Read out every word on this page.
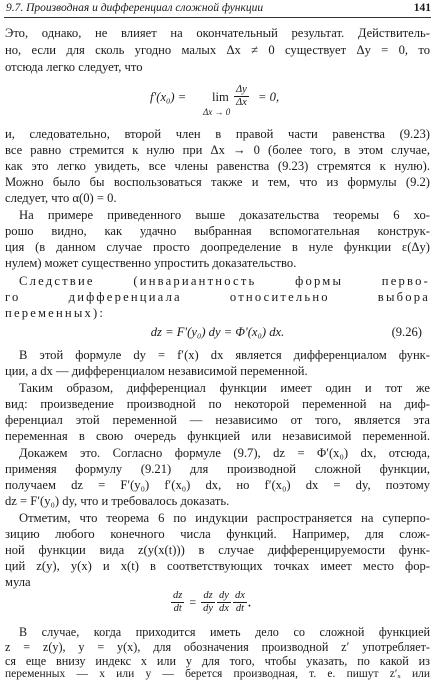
9.7. Производная и дифференциал сложной функции	141
Это, однако, не влияет на окончательный результат. Действитель-
но, если для сколь угодно малых Δx ≠ 0 существует Δy = 0, то
отсюда легко следует, что
f′(x₀) = lim
Δx → 0
$\frac{\Delta y}{\Delta x} = 0$,
и, следовательно, второй член в правой части равенства (9.23)
все равно стремится к нулю при Δx → 0 (более того, в этом случае,
как это легко увидеть, все члены равенства (9.23) стремятся к нулю).
Можно было бы воспользоваться также и тем, что из формулы (9.2)
следует, что α(0) = 0.
На примере приведенного выше доказательства теоремы 6 хо-
рошо видно, как удачно выбранная вспомогательная конструк-
ция (в данном случае просто доопределение в нуле функции ε(Δy)
нулем) может существенно упростить доказательство.
Следствие (инвариантность формы перво-
го дифференциала относительно выбора
переменных):
dz = F′(y₀) dy = Φ′(x₀) dx.	(9.26)
В этой формуле dy = f′(x) dx является дифференциалом функ-
ции, а dx — дифференциалом независимой переменной.
Таким образом, дифференциал функции имеет один и тот же
вид: произведение производной по некоторой переменной на диф-
ференциал этой переменной — независимо от того, является эта
переменная в свою очередь функцией или независимой переменной.
Докажем это. Согласно формуле (9.7), dz = Φ′(x₀) dx, отсюда,
применяя формулу (9.21) для производной сложной функции,
получаем dz = F′(y₀) f′(x₀) dx, но f′(x₀) dx = dy, поэтому
dz = F′(y₀) dy, что и требовалось доказать.
Отметим, что теорема 6 по индукции распространяется на суперпо-
зицию любого конечного числа функций. Например, для слож-
ной функции вида z(y(x(t))) в случае дифференцируемости функ-
ций z(y), y(x) и x(t) в соответствующих точках имеет место фор-
мула
$\frac{dz}{dt} = \frac{dz}{dy} \frac{dy}{dx} \frac{dx}{dt}$ .
В случае, когда приходится иметь дело со сложной функцией
z = z(y), y = y(x), для обозначения производной z′ употребляет-
ся еще внизу индекс x или y для того, чтобы указать, по какой из
переменных — x или y — берется производная, т. е. пишут z′ₓ или
